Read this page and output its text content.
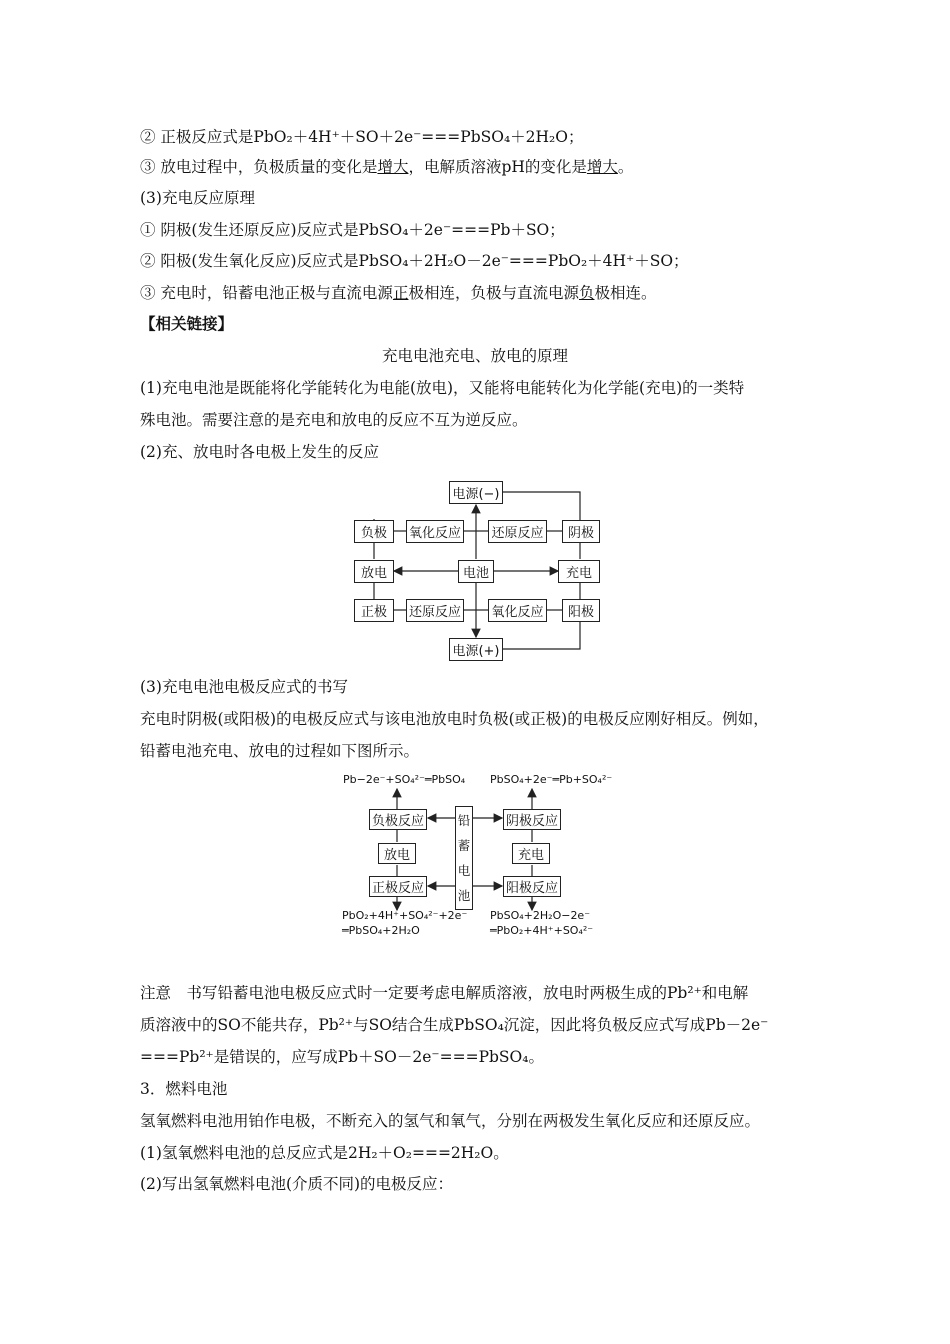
② 正极反应式是PbO₂＋4H⁺＋SO＋2e⁻===PbSO₄＋2H₂O；
③ 放电过程中，负极质量的变化是增大，电解质溶液pH的变化是增大。
(3)充电反应原理
① 阴极(发生还原反应)反应式是PbSO₄＋2e⁻===Pb＋SO；
② 阳极(发生氧化反应)反应式是PbSO₄＋2H₂O－2e⁻===PbO₂＋4H⁺＋SO；
③ 充电时，铅蓄电池正极与直流电源正极相连，负极与直流电源负极相连。
【相关链接】
充电电池充电、放电的原理
(1)充电电池是既能将化学能转化为电能(放电)，又能将电能转化为化学能(充电)的一类特
殊电池。需要注意的是充电和放电的反应不互为逆反应。
(2)充、放电时各电极上发生的反应
电源(−)
电源(+)
电池
放电	充电
负极
正极
阴极
阳极
氧化反应
还原反应
还原反应
氧化反应
(3)充电电池电极反应式的书写
充电时阴极(或阳极)的电极反应式与该电池放电时负极(或正极)的电极反应刚好相反。例如，
铅蓄电池充电、放电的过程如下图所示。
Pb−2e⁻+SO₄²⁻═PbSO₄ PbSO₄+2e⁻═Pb+SO₄²⁻
负极反应
放电
正极反应
铅
蓄
电
池
阴极反应
充电
阳极反应
PbO₂+4H⁺+SO₄²⁻+2e⁻
═PbSO₄+2H₂O
PbSO₄+2H₂O−2e⁻
═PbO₂+4H⁺+SO₄²⁻
注意　书写铅蓄电池电极反应式时一定要考虑电解质溶液，放电时两极生成的Pb²⁺和电解
质溶液中的SO不能共存，Pb²⁺与SO结合生成PbSO₄沉淀，因此将负极反应式写成Pb－2e⁻
===Pb²⁺是错误的，应写成Pb＋SO－2e⁻===PbSO₄。
3．燃料电池
氢氧燃料电池用铂作电极，不断充入的氢气和氧气，分别在两极发生氧化反应和还原反应。
(1)氢氧燃料电池的总反应式是2H₂＋O₂===2H₂O。
(2)写出氢氧燃料电池(介质不同)的电极反应：
